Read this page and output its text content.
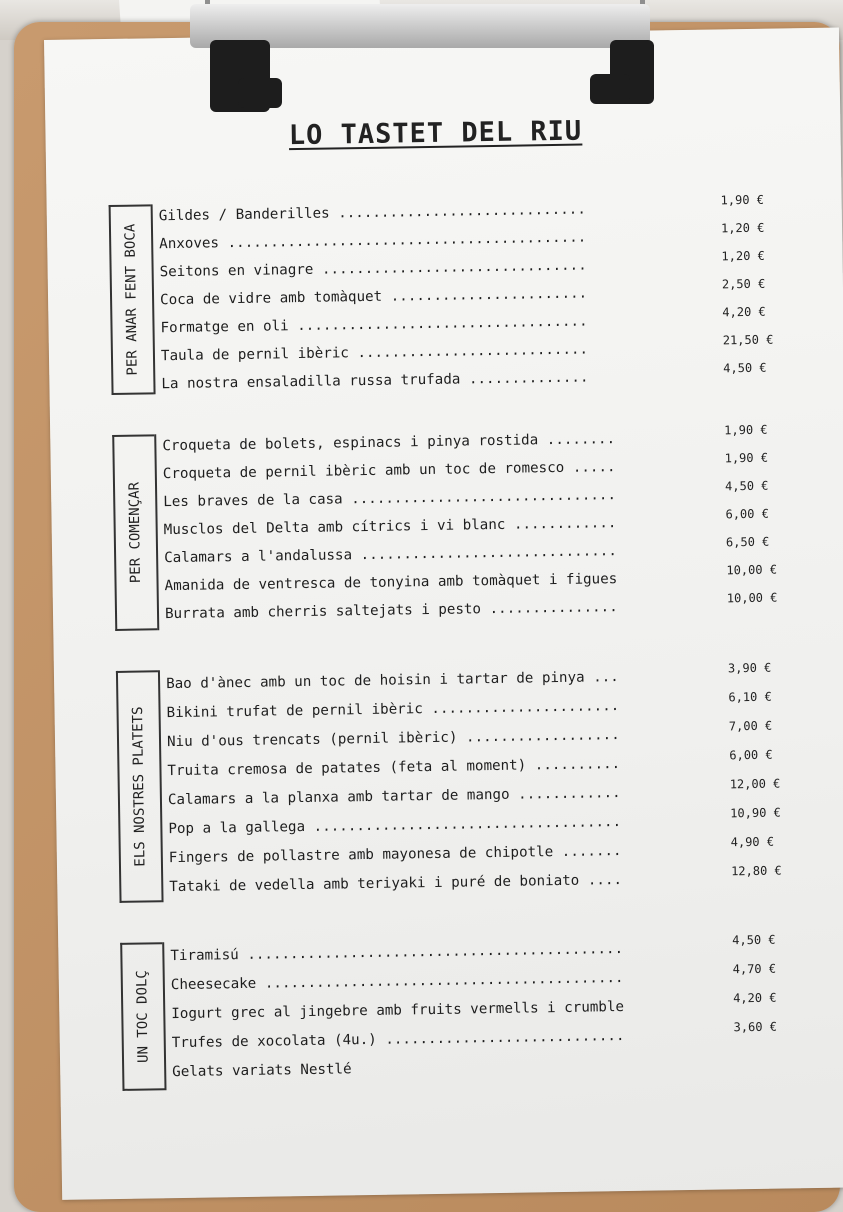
LO TASTET DEL RIU
PER ANAR FENT BOCA
Gildes / Banderilles .............................
1,90 €
Anxoves ..........................................
1,20 €
Seitons en vinagre ...............................
1,20 €
Coca de vidre amb tomàquet .......................
2,50 €
Formatge en oli ..................................
4,20 €
Taula de pernil ibèric ...........................
21,50 €
La nostra ensaladilla russa trufada ..............
4,50 €
PER COMENÇAR
Croqueta de bolets, espinacs i pinya rostida ........
1,90 €
Croqueta de pernil ibèric amb un toc de romesco .....
1,90 €
Les braves de la casa ...............................
4,50 €
Musclos del Delta amb cítrics i vi blanc ............
6,00 €
Calamars a l'andalussa ..............................
6,50 €
Amanida de ventresca de tonyina amb tomàquet i figues
10,00 €
Burrata amb cherris saltejats i pesto ...............
10,00 €
ELS NOSTRES PLATETS
Bao d'ànec amb un toc de hoisin i tartar de pinya ...
3,90 €
Bikini trufat de pernil ibèric ......................
6,10 €
Niu d'ous trencats (pernil ibèric) ..................
7,00 €
Truita cremosa de patates (feta al moment) ..........
6,00 €
Calamars a la planxa amb tartar de mango ............
12,00 €
Pop a la gallega ....................................
10,90 €
Fingers de pollastre amb mayonesa de chipotle .......
4,90 €
Tataki de vedella amb teriyaki i puré de boniato ....
12,80 €
UN TOC DOLÇ
Tiramisú ............................................
4,50 €
Cheesecake ..........................................
4,70 €
Iogurt grec al jingebre amb fruits vermells i crumble
4,20 €
Trufes de xocolata (4u.) ............................
3,60 €
Gelats variats Nestlé
